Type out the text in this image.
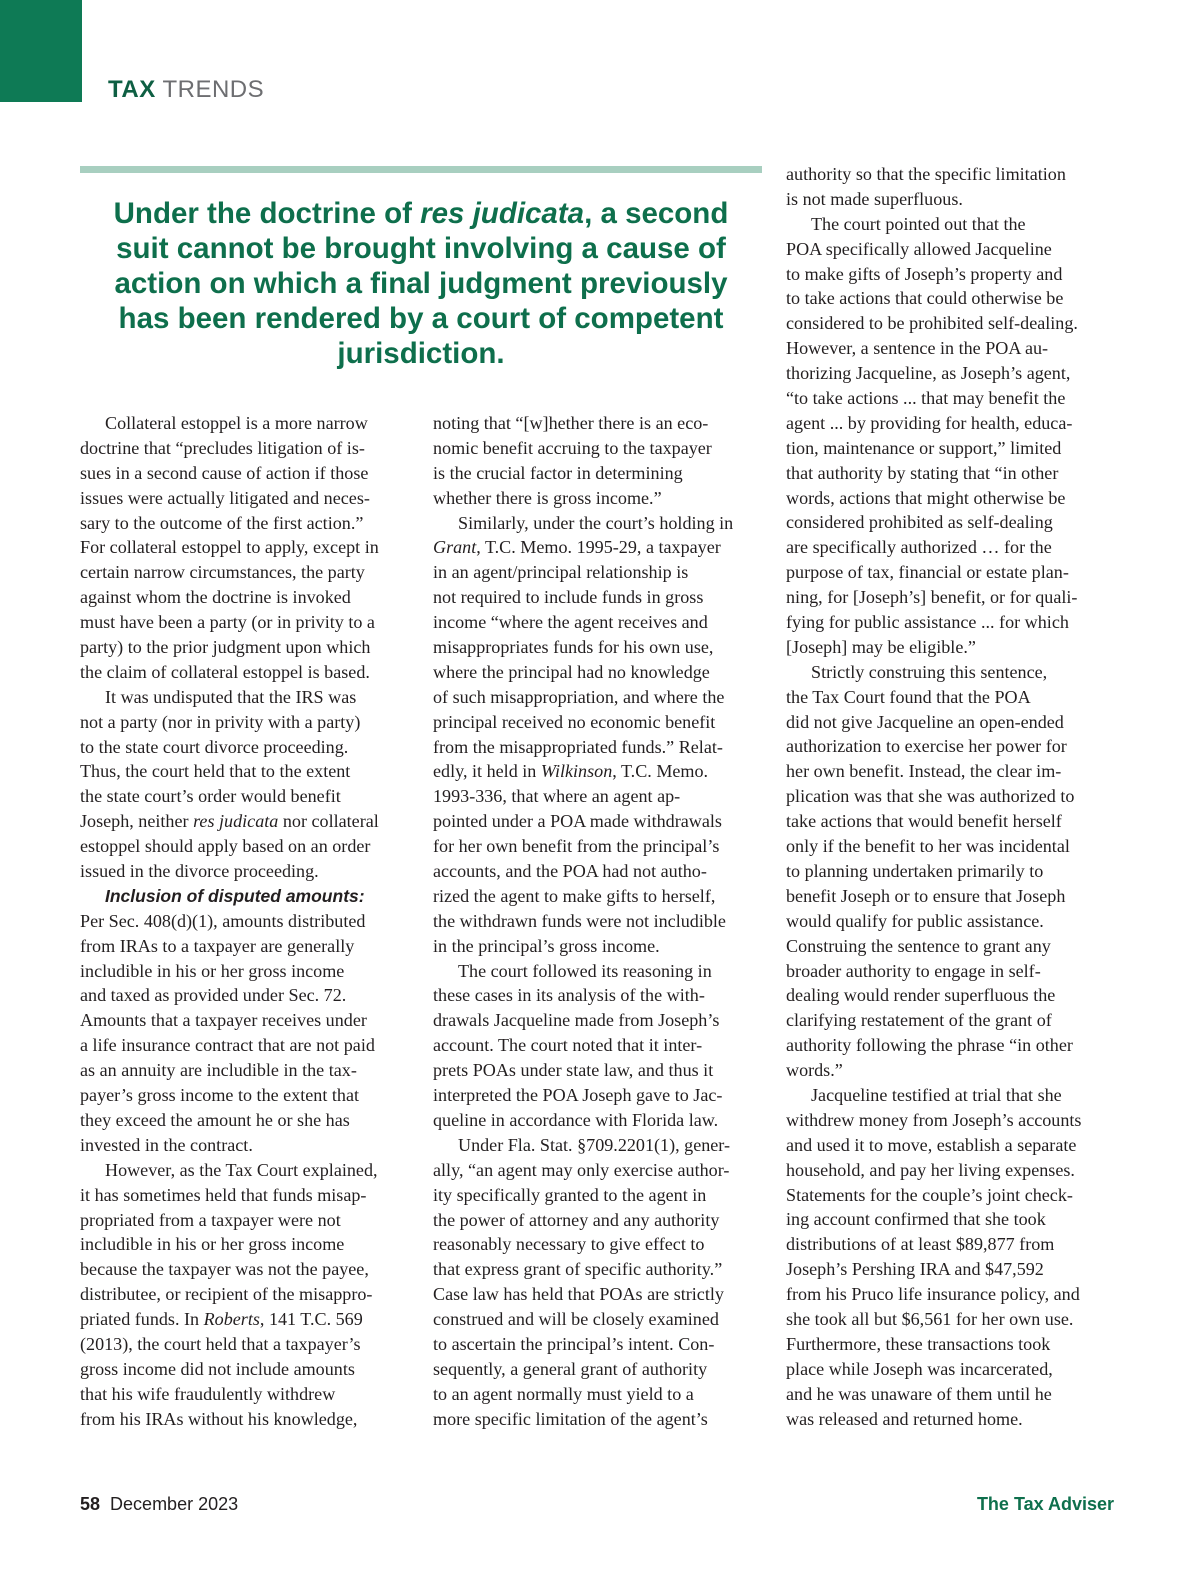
TAX TRENDS
Under the doctrine of res judicata, a second suit cannot be brought involving a cause of action on which a final judgment previously has been rendered by a court of competent jurisdiction.
Collateral estoppel is a more narrow
doctrine that “precludes litigation of is-
sues in a second cause of action if those
issues were actually litigated and neces-
sary to the outcome of the first action.”
For collateral estoppel to apply, except in
certain narrow circumstances, the party
against whom the doctrine is invoked
must have been a party (or in privity to a
party) to the prior judgment upon which
the claim of collateral estoppel is based.
It was undisputed that the IRS was
not a party (nor in privity with a party)
to the state court divorce proceeding.
Thus, the court held that to the extent
the state court’s order would benefit
Joseph, neither res judicata nor collateral
estoppel should apply based on an order
issued in the divorce proceeding.
Inclusion of disputed amounts:
Per Sec. 408(d)(1), amounts distributed
from IRAs to a taxpayer are generally
includible in his or her gross income
and taxed as provided under Sec. 72.
Amounts that a taxpayer receives under
a life insurance contract that are not paid
as an annuity are includible in the tax-
payer’s gross income to the extent that
they exceed the amount he or she has
invested in the contract.
However, as the Tax Court explained,
it has sometimes held that funds misap-
propriated from a taxpayer were not
includible in his or her gross income
because the taxpayer was not the payee,
distributee, or recipient of the misappro-
priated funds. In Roberts, 141 T.C. 569
(2013), the court held that a taxpayer’s
gross income did not include amounts
that his wife fraudulently withdrew
from his IRAs without his knowledge,
noting that “[w]hether there is an eco-
nomic benefit accruing to the taxpayer
is the crucial factor in determining
whether there is gross income.”
Similarly, under the court’s holding in
Grant, T.C. Memo. 1995-29, a taxpayer
in an agent/principal relationship is
not required to include funds in gross
income “where the agent receives and
misappropriates funds for his own use,
where the principal had no knowledge
of such misappropriation, and where the
principal received no economic benefit
from the misappropriated funds.” Relat-
edly, it held in Wilkinson, T.C. Memo.
1993-336, that where an agent ap-
pointed under a POA made withdrawals
for her own benefit from the principal’s
accounts, and the POA had not autho-
rized the agent to make gifts to herself,
the withdrawn funds were not includible
in the principal’s gross income.
The court followed its reasoning in
these cases in its analysis of the with-
drawals Jacqueline made from Joseph’s
account. The court noted that it inter-
prets POAs under state law, and thus it
interpreted the POA Joseph gave to Jac-
queline in accordance with Florida law.
Under Fla. Stat. §709.2201(1), gener-
ally, “an agent may only exercise author-
ity specifically granted to the agent in
the power of attorney and any authority
reasonably necessary to give effect to
that express grant of specific authority.”
Case law has held that POAs are strictly
construed and will be closely examined
to ascertain the principal’s intent. Con-
sequently, a general grant of authority
to an agent normally must yield to a
more specific limitation of the agent’s
authority so that the specific limitation
is not made superfluous.
The court pointed out that the
POA specifically allowed Jacqueline
to make gifts of Joseph’s property and
to take actions that could otherwise be
considered to be prohibited self-dealing.
However, a sentence in the POA au-
thorizing Jacqueline, as Joseph’s agent,
“to take actions ... that may benefit the
agent ... by providing for health, educa-
tion, maintenance or support,” limited
that authority by stating that “in other
words, actions that might otherwise be
considered prohibited as self-dealing
are specifically authorized … for the
purpose of tax, financial or estate plan-
ning, for [Joseph’s] benefit, or for quali-
fying for public assistance ... for which
[Joseph] may be eligible.”
Strictly construing this sentence,
the Tax Court found that the POA
did not give Jacqueline an open-ended
authorization to exercise her power for
her own benefit. Instead, the clear im-
plication was that she was authorized to
take actions that would benefit herself
only if the benefit to her was incidental
to planning undertaken primarily to
benefit Joseph or to ensure that Joseph
would qualify for public assistance.
Construing the sentence to grant any
broader authority to engage in self-
dealing would render superfluous the
clarifying restatement of the grant of
authority following the phrase “in other
words.”
Jacqueline testified at trial that she
withdrew money from Joseph’s accounts
and used it to move, establish a separate
household, and pay her living expenses.
Statements for the couple’s joint check-
ing account confirmed that she took
distributions of at least $89,877 from
Joseph’s Pershing IRA and $47,592
from his Pruco life insurance policy, and
she took all but $6,561 for her own use.
Furthermore, these transactions took
place while Joseph was incarcerated,
and he was unaware of them until he
was released and returned home.
58 December 2023	The Tax Adviser
